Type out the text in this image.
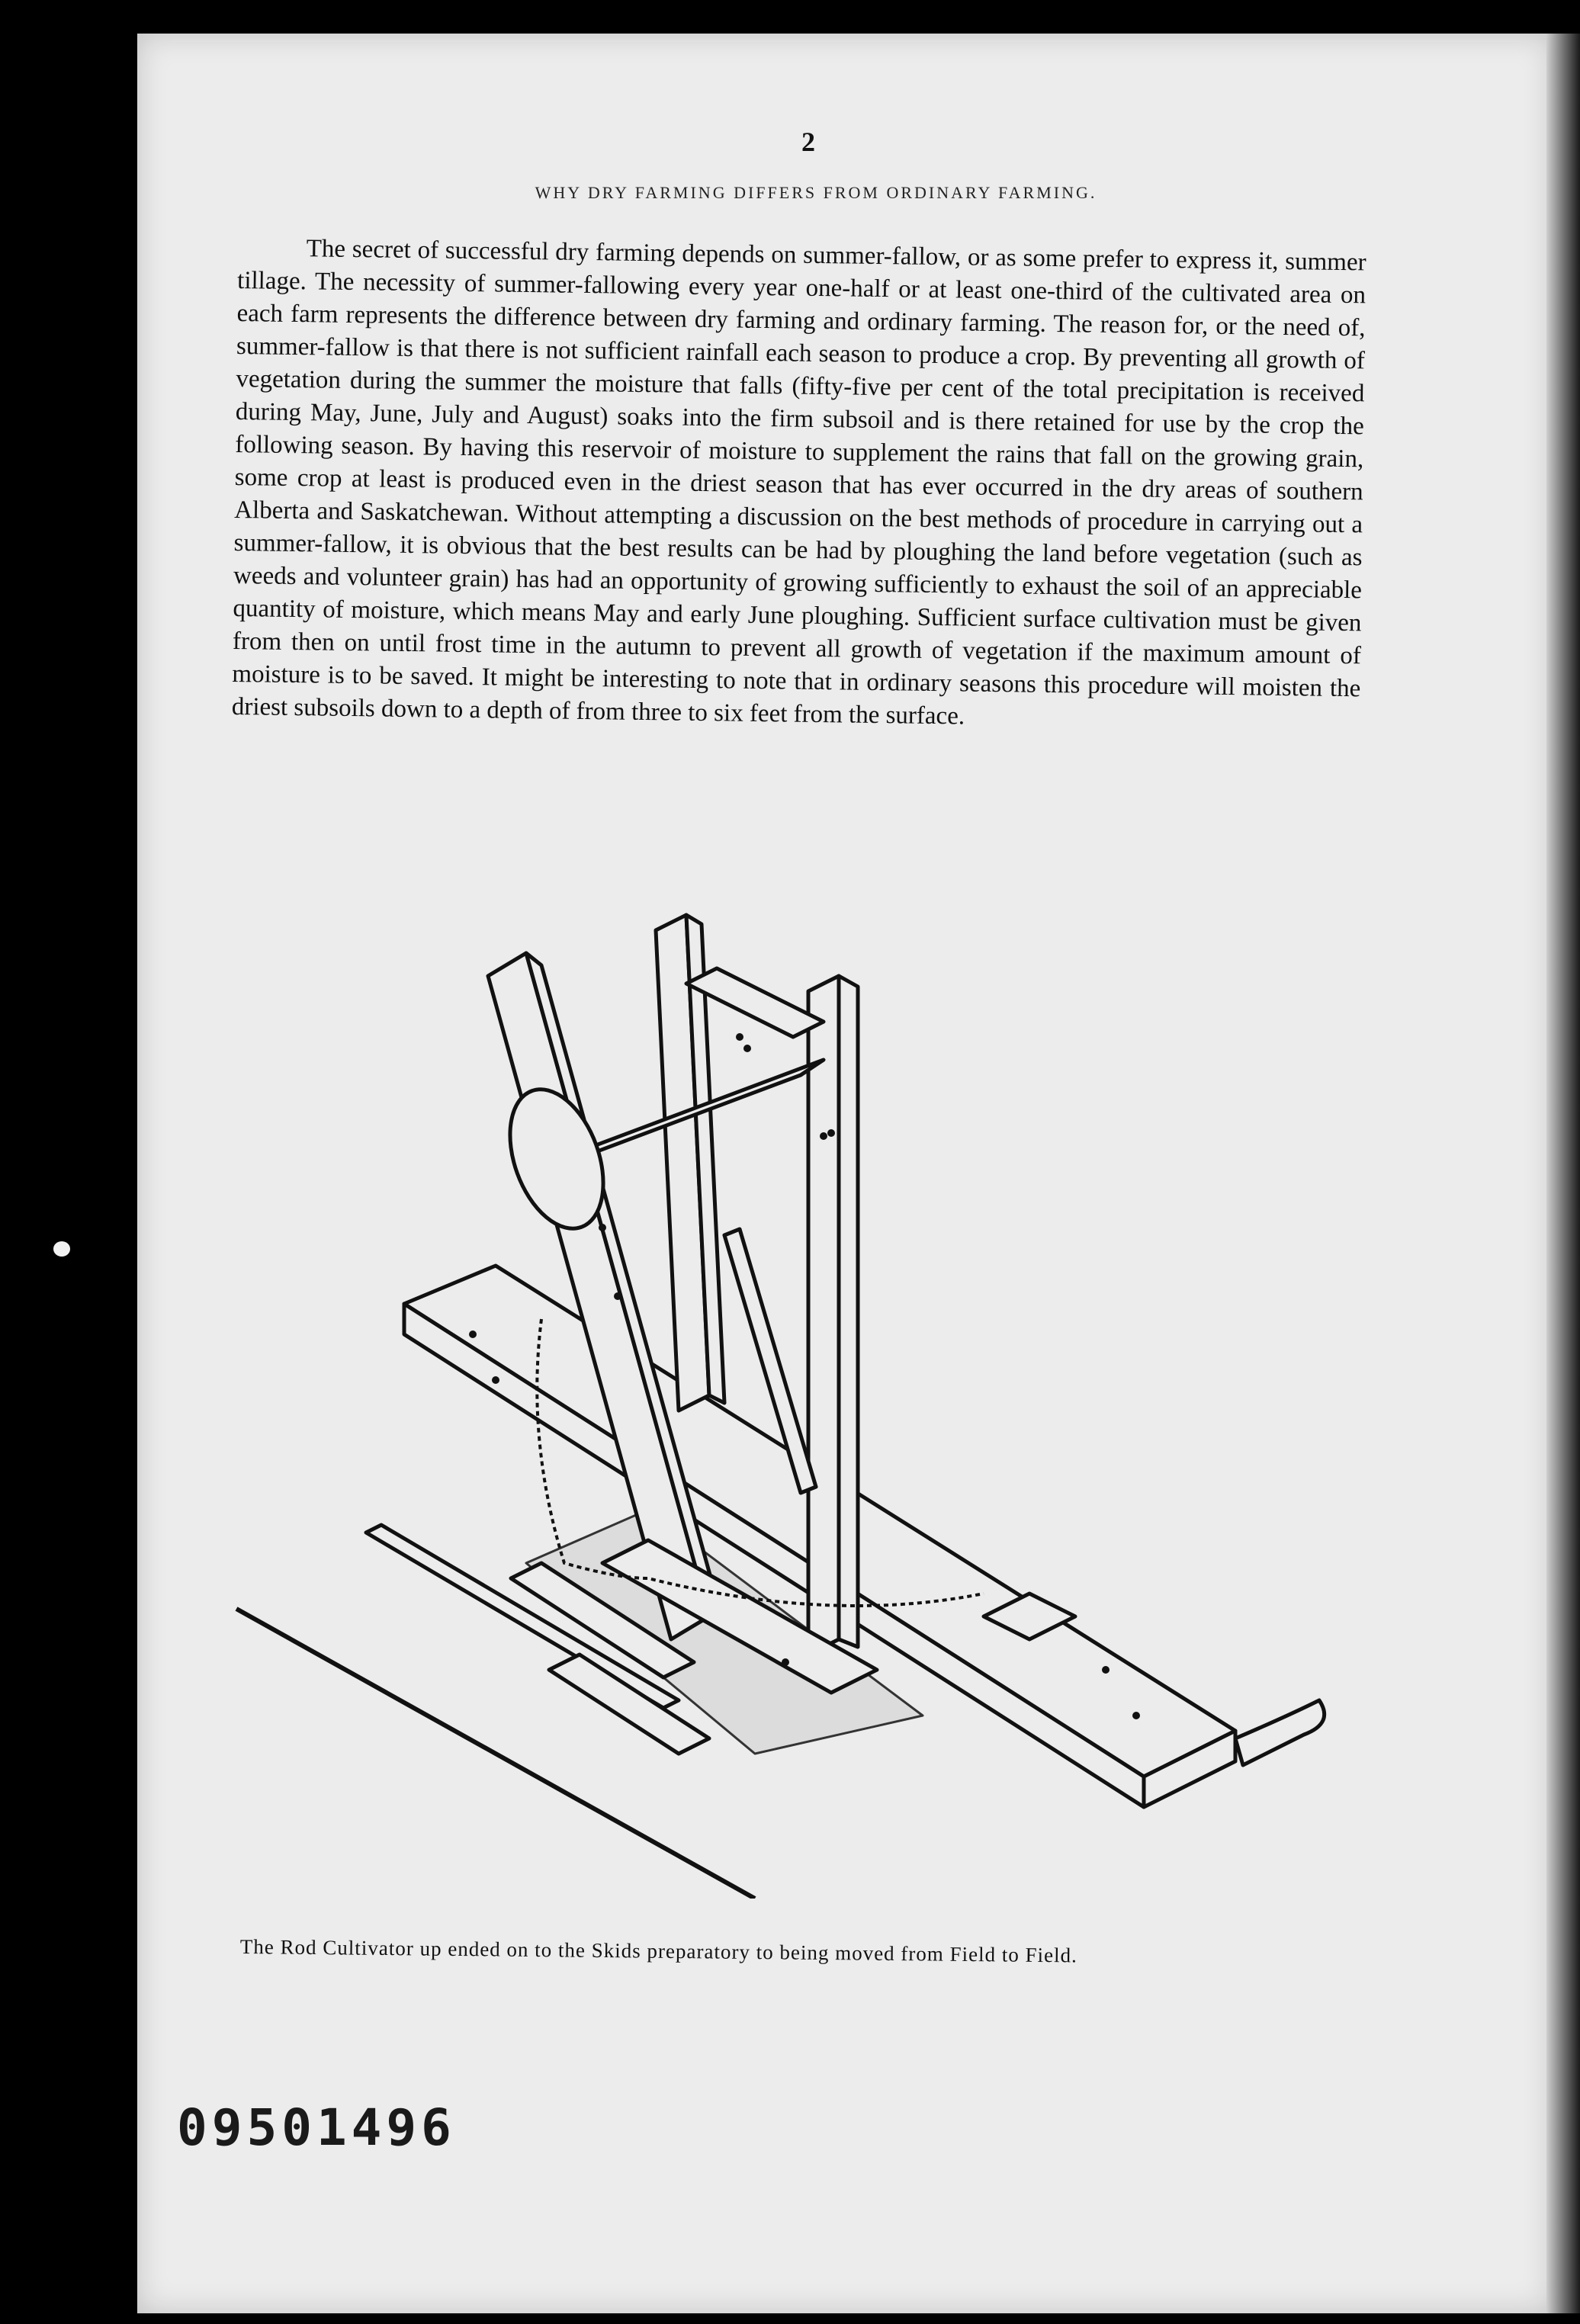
2
WHY DRY FARMING DIFFERS FROM ORDINARY FARMING.

The secret of successful dry farming depends on summer-fallow, or as some prefer to express it, summer tillage. The necessity of summer-fallowing every year one-half or at least one-third of the cultivated area on each farm represents the difference between dry farming and ordinary farming. The reason for, or the need of, summer-fallow is that there is not sufficient rainfall each season to produce a crop. By preventing all growth of vegetation during the summer the moisture that falls (fifty-five per cent of the total precipitation is received during May, June, July and August) soaks into the firm subsoil and is there retained for use by the crop the following season. By having this reservoir of moisture to supplement the rains that fall on the growing grain, some crop at least is produced even in the driest season that has ever occurred in the dry areas of southern Alberta and Saskatchewan. Without attempting a discussion on the best methods of procedure in carrying out a summer-fallow, it is obvious that the best results can be had by ploughing the land before vegetation (such as weeds and volunteer grain) has had an opportunity of growing sufficiently to exhaust the soil of an appreciable quantity of moisture, which means May and early June ploughing. Sufficient surface cultivation must be given from then on until frost time in the autumn to prevent all growth of vegetation if the maximum amount of moisture is to be saved. It might be interesting to note that in ordinary seasons this procedure will moisten the driest subsoils down to a depth of from three to six feet from the surface.

The Rod Cultivator up ended on to the Skids preparatory to being moved from Field to Field.
09501496
